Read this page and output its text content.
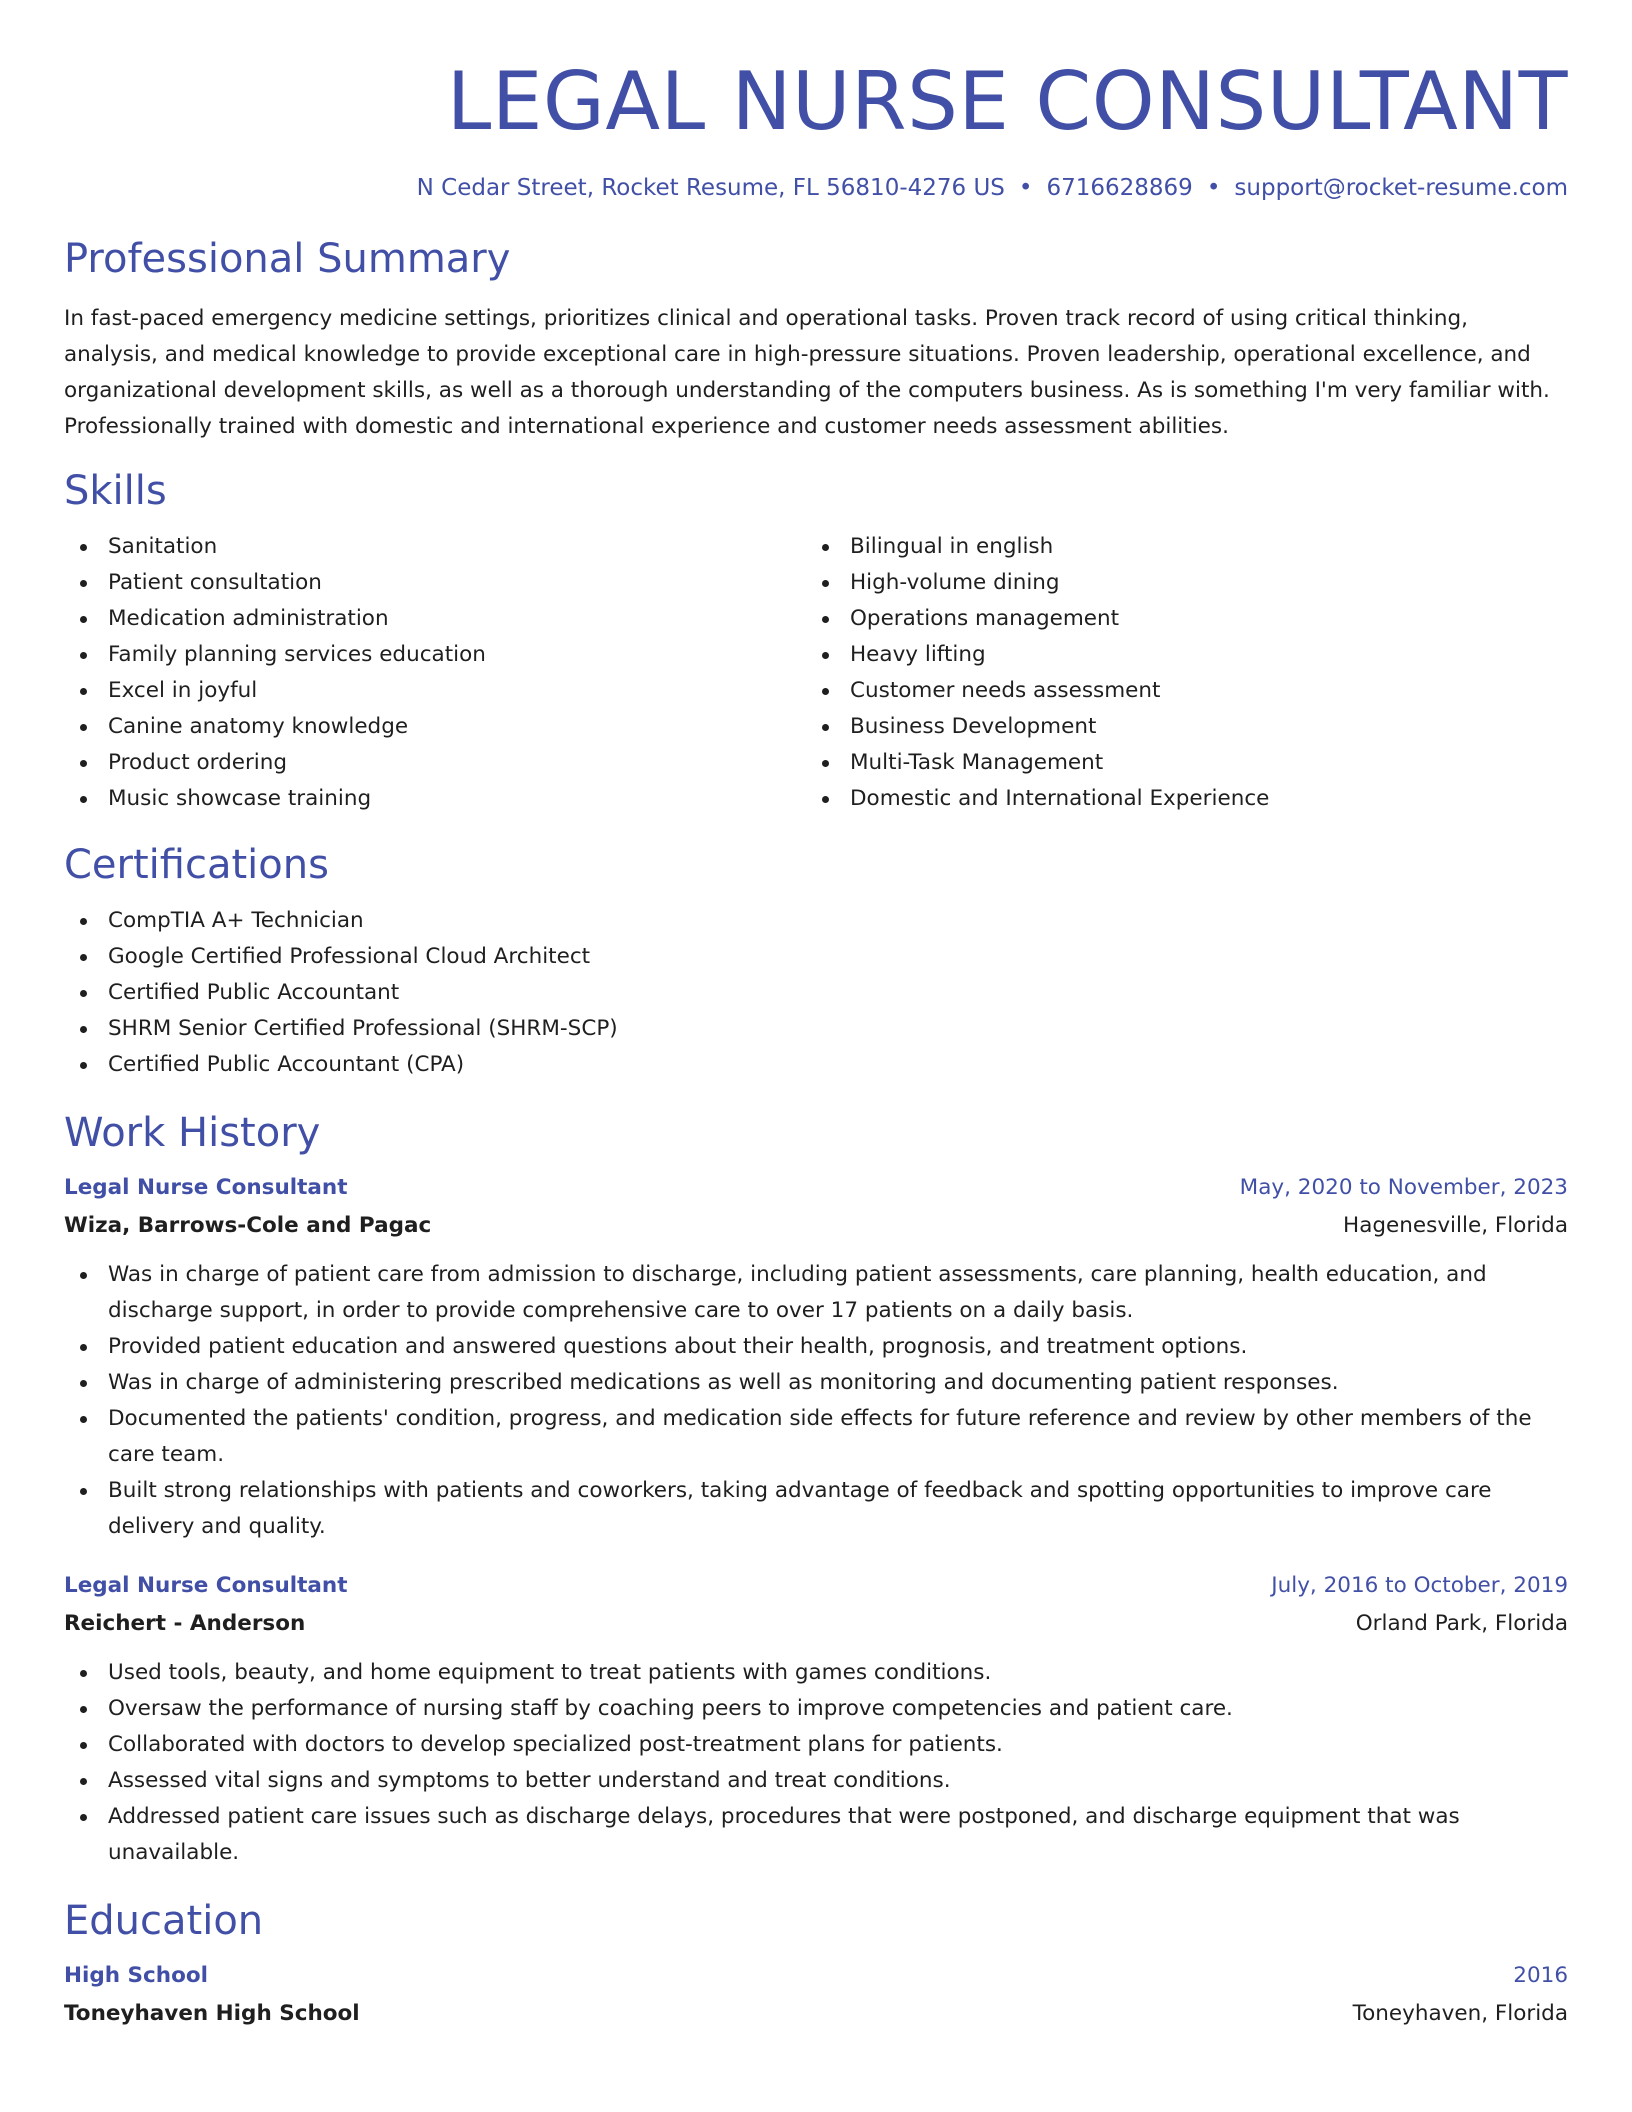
LEGAL NURSE CONSULTANT
N Cedar Street, Rocket Resume, FL 56810-4276 US • 6716628869 • support@rocket-resume.com
Professional Summary

In fast-paced emergency medicine settings, prioritizes clinical and operational tasks. Proven track record of using critical thinking, analysis, and medical knowledge to provide exceptional care in high-pressure situations. Proven leadership, operational excellence, and organizational development skills, as well as a thorough understanding of the computers business. As is something I'm very familiar with. Professionally trained with domestic and international experience and customer needs assessment abilities.

Skills
Sanitation
Patient consultation
Medication administration
Family planning services education
Excel in joyful
Canine anatomy knowledge
Product ordering
Music showcase training
Bilingual in english
High-volume dining
Operations management
Heavy lifting
Customer needs assessment
Business Development
Multi-Task Management
Domestic and International Experience
Certifications
CompTIA A+ Technician
Google Certified Professional Cloud Architect
Certified Public Accountant
SHRM Senior Certified Professional (SHRM-SCP)
Certified Public Accountant (CPA)
Work History
Legal Nurse Consultant	May, 2020 to November, 2023
Wiza, Barrows-Cole and Pagac	Hagenesville, Florida
Was in charge of patient care from admission to discharge, including patient assessments, care planning, health education, and discharge support, in order to provide comprehensive care to over 17 patients on a daily basis.
Provided patient education and answered questions about their health, prognosis, and treatment options.
Was in charge of administering prescribed medications as well as monitoring and documenting patient responses.
Documented the patients' condition, progress, and medication side effects for future reference and review by other members of the care team.
Built strong relationships with patients and coworkers, taking advantage of feedback and spotting opportunities to improve care delivery and quality.
Legal Nurse Consultant	July, 2016 to October, 2019
Reichert - Anderson	Orland Park, Florida
Used tools, beauty, and home equipment to treat patients with games conditions.
Oversaw the performance of nursing staff by coaching peers to improve competencies and patient care.
Collaborated with doctors to develop specialized post-treatment plans for patients.
Assessed vital signs and symptoms to better understand and treat conditions.
Addressed patient care issues such as discharge delays, procedures that were postponed, and discharge equipment that was unavailable.
Education
High School	2016
Toneyhaven High School	Toneyhaven, Florida
